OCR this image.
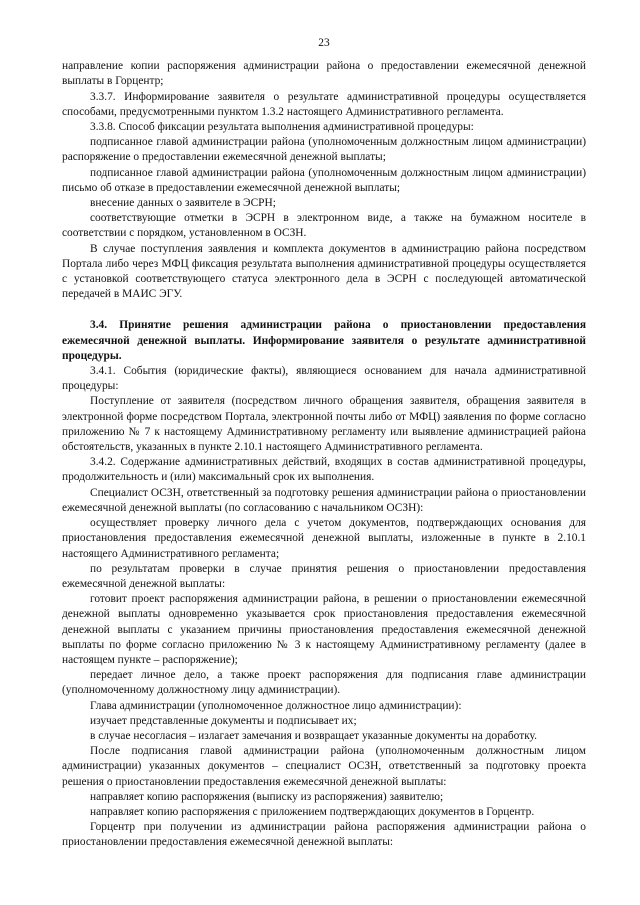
23

направление копии распоряжения администрации района о предоставлении ежемесячной денежной выплаты в Горцентр;

3.3.7. Информирование заявителя о результате административной процедуры осуществляется способами, предусмотренными пунктом 1.3.2 настоящего Административного регламента.

3.3.8. Способ фиксации результата выполнения административной процедуры:

подписанное главой администрации района (уполномоченным должностным лицом администрации) распоряжение о предоставлении ежемесячной денежной выплаты;

подписанное главой администрации района (уполномоченным должностным лицом администрации) письмо об отказе в предоставлении ежемесячной денежной выплаты;

внесение данных о заявителе в ЭСРН;

соответствующие отметки в ЭСРН в электронном виде, а также на бумажном носителе в соответствии с порядком, установленном в ОСЗН.

В случае поступления заявления и комплекта документов в администрацию района посредством Портала либо через МФЦ фиксация результата выполнения административной процедуры осуществляется с установкой соответствующего статуса электронного дела в ЭСРН с последующей автоматической передачей в МАИС ЭГУ.

3.4. Принятие решения администрации района о приостановлении предоставления ежемесячной денежной выплаты. Информирование заявителя о результате административной процедуры.

3.4.1. События (юридические факты), являющиеся основанием для начала административной процедуры:

Поступление от заявителя (посредством личного обращения заявителя, обращения заявителя в электронной форме посредством Портала, электронной почты либо от МФЦ) заявления по форме согласно приложению № 7 к настоящему Административному регламенту или выявление администрацией района обстоятельств, указанных в пункте 2.10.1 настоящего Административного регламента.

3.4.2. Содержание административных действий, входящих в состав административной процедуры, продолжительность и (или) максимальный срок их выполнения.

Специалист ОСЗН, ответственный за подготовку решения администрации района о приостановлении ежемесячной денежной выплаты (по согласованию с начальником ОСЗН):

осуществляет проверку личного дела с учетом документов, подтверждающих основания для приостановления предоставления ежемесячной денежной выплаты, изложенные в пункте в 2.10.1 настоящего Административного регламента;

по результатам проверки в случае принятия решения о приостановлении предоставления ежемесячной денежной выплаты:

готовит проект распоряжения администрации района, в решении о приостановлении ежемесячной денежной выплаты одновременно указывается срок приостановления предоставления ежемесячной денежной выплаты с указанием причины приостановления предоставления ежемесячной денежной выплаты по форме согласно приложению № 3 к настоящему Административному регламенту (далее в настоящем пункте – распоряжение);

передает личное дело, а также проект распоряжения для подписания главе администрации (уполномоченному должностному лицу администрации).

Глава администрации (уполномоченное должностное лицо администрации):

изучает представленные документы и подписывает их;

в случае несогласия – излагает замечания и возвращает указанные документы на доработку.

После подписания главой администрации района (уполномоченным должностным лицом администрации) указанных документов – специалист ОСЗН, ответственный за подготовку проекта решения о приостановлении предоставления ежемесячной денежной выплаты:

направляет копию распоряжения (выписку из распоряжения) заявителю;

направляет копию распоряжения с приложением подтверждающих документов в Горцентр.

Горцентр при получении из администрации района распоряжения администрации района о приостановлении предоставления ежемесячной денежной выплаты:
